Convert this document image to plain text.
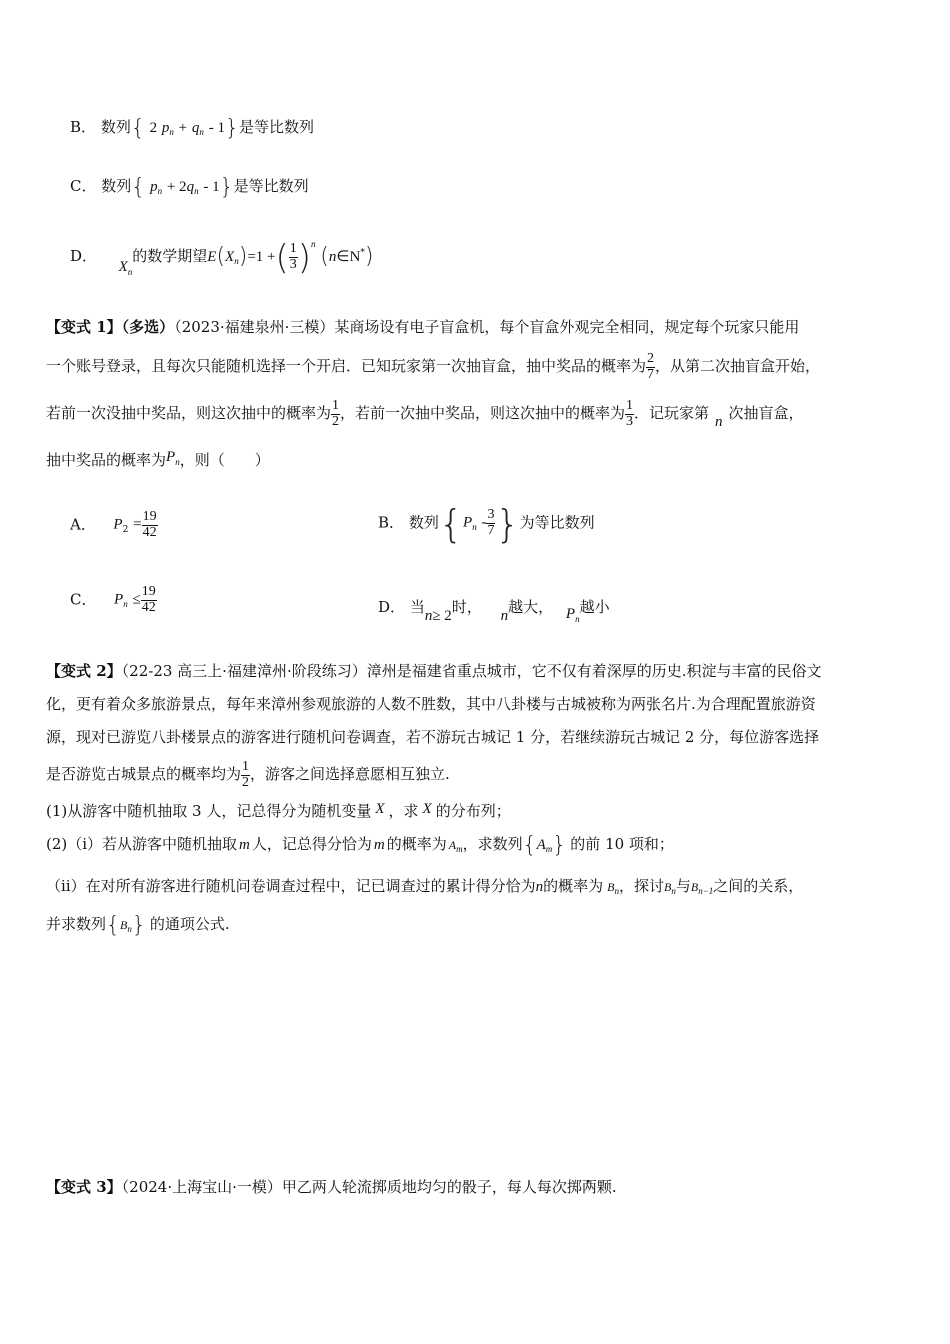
B． 数列{ 2 $p_n + q_n - 1$}是等比数列
C． 数列{ $p_n + 2q_n - 1$}是等比数列
D．  $X_n$的数学期望$E(X_n)=1$ +( $\frac{1}{3} )^n$ (n∈N*)
【变式 1】（多选）（2023·福建泉州·三模）某商场设有电子盲盒机，每个盲盒外观完全相同，规定每个玩家只能用
一个账号登录，且每次只能随机选择一个开启．已知玩家第一次抽盲盒，抽中奖品的概率为 $\frac{2}{7}$ ，从第二次抽盲盒开始，
若前一次没抽中奖品，则这次抽中的概率为 $\frac{1}{2}$ ，若前一次抽中奖品，则这次抽中的概率为 $\frac{1}{3}$ ．记玩家第 n 次抽盲盒，
抽中奖品的概率为Pn，则（　　）
A． $P_2 = \frac{19}{42}$	B． 数列{$P_n - \frac{3}{7}$ }为等比数列
C． $P_n \le \frac{19}{42}$	D． 当n≥ 2时， n越大， $P_n$越小
【变式 2】（22-23 高三上·福建漳州·阶段练习）漳州是福建省重点城市，它不仅有着深厚的历史.积淀与丰富的民俗文
化，更有着众多旅游景点，每年来漳州参观旅游的人数不胜数，其中八卦楼与古城被称为两张名片.为合理配置旅游资
源，现对已游览八卦楼景点的游客进行随机问卷调查，若不游玩古城记 1 分，若继续游玩古城记 2 分，每位游客选择
是否游览古城景点的概率均为 $\frac{1}{2}$ ，游客之间选择意愿相互独立.
(1)从游客中随机抽取 3 人，记总得分为随机变量 X ，求 X 的分布列；
(2)（ⅰ）若从游客中随机抽取 m 人，记总得分恰为 m 的概率为 $A_m$，求数列$\{A_m\}$ 的前 10 项和；
（ⅱ）在对所有游客进行随机问卷调查过程中，记已调查过的累计得分恰为n的概率为 $B_n$，探讨$B_n$与$B_{n-1}$之间的关系，
并求数列$\{B_n\}$ 的通项公式.
【变式 3】（2024·上海宝山·一模）甲乙两人轮流掷质地均匀的骰子，每人每次掷两颗.
